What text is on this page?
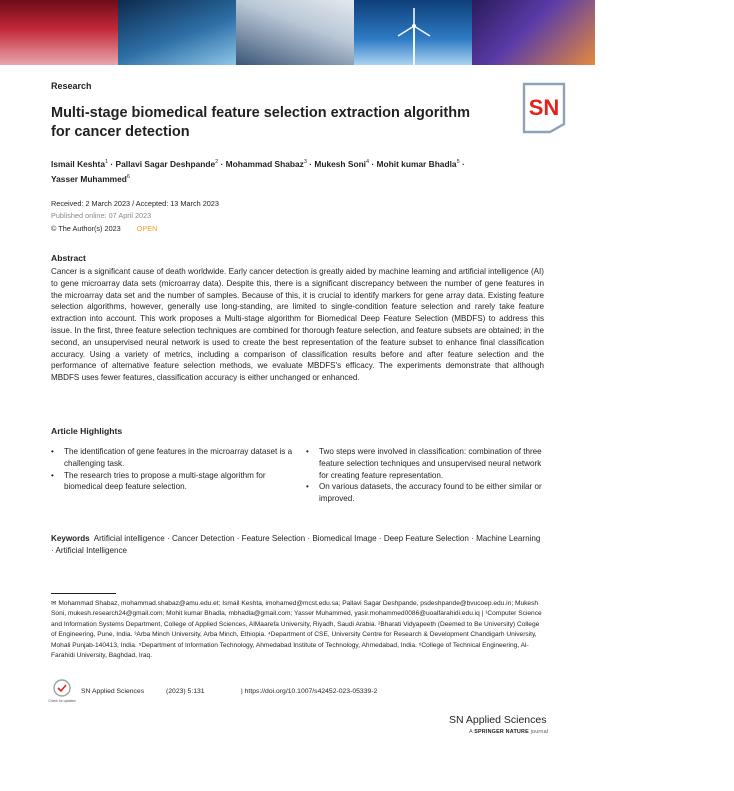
Research
Multi-stage biomedical feature selection extraction algorithm for cancer detection
SN
Ismail Keshta$^1$ · Pallavi Sagar Deshpande$^2$ · Mohammad Shabaz$^3$ · Mukesh Soni$^4$ · Mohit kumar Bhadla$^5$ ·
Yasser Muhammed$^6$
Received: 2 March 2023 / Accepted: 13 March 2023
Published online: 07 April 2023
© The Author(s) 2023 OPEN
Abstract
Cancer is a significant cause of death worldwide. Early cancer detection is greatly aided by machine learning and artificial intelligence (AI) to gene microarray data sets (microarray data). Despite this, there is a significant discrepancy between the number of gene features in the microarray data set and the number of samples. Because of this, it is crucial to identify markers for gene array data. Existing feature selection algorithms, however, generally use long-standing, are limited to single-condition feature selection and rarely take feature extraction into account. This work proposes a Multi-stage algorithm for Biomedical Deep Feature Selection (MBDFS) to address this issue. In the first, three feature selection techniques are combined for thorough feature selection, and feature subsets are obtained; in the second, an unsupervised neural network is used to create the best representation of the feature subset to enhance final classification accuracy. Using a variety of metrics, including a comparison of classification results before and after feature selection and the performance of alternative feature selection methods, we evaluate MBDFS's efficacy. The experiments demonstrate that although MBDFS uses fewer features, classification accuracy is either unchanged or enhanced.
Article Highlights
• The identification of gene features in the microarray dataset is a challenging task.
• The research tries to propose a multi-stage algorithm for biomedical deep feature selection.
• Two steps were involved in classification: combination of three feature selection techniques and unsupervised neural network for creating feature representation.
• On various datasets, the accuracy found to be either similar or improved.
Keywords Artificial intelligence · Cancer Detection · Feature Selection · Biomedical Image · Deep Feature Selection · Machine Learning · Artificial Intelligence
✉ Mohammad Shabaz, mohammad.shabaz@amu.edu.et; Ismail Keshta, imohamed@mcst.edu.sa; Pallavi Sagar Deshpande, psdeshpande@bvucoep.edu.in; Mukesh Soni, mukesh.research24@gmail.com; Mohit kumar Bhadla, mbhadla@gmail.com; Yasser Muhammed, yasir.mohammed0086@uoalfarahidi.edu.iq | ¹Computer Science and Information Systems Department, College of Applied Sciences, AlMaarefa University, Riyadh, Saudi Arabia. ²Bharati Vidyapeeth (Deemed to Be University) College of Engineering, Pune, India. ³Arba Minch University, Arba Minch, Ethiopia. ⁴Department of CSE, University Centre for Research & Development Chandigarh University, Mohali Punjab-140413, India. ⁵Department of Information Technology, Ahmedabad Institute of Technology, Ahmedabad, India. ⁶College of Technical Engineering, Al-Farahidi University, Baghdad, Iraq.
Check for updates
SN Applied Sciences	(2023) 5:131	| https://doi.org/10.1007/s42452-023-05339-2
SN Applied Sciences
A SPRINGER NATURE journal
